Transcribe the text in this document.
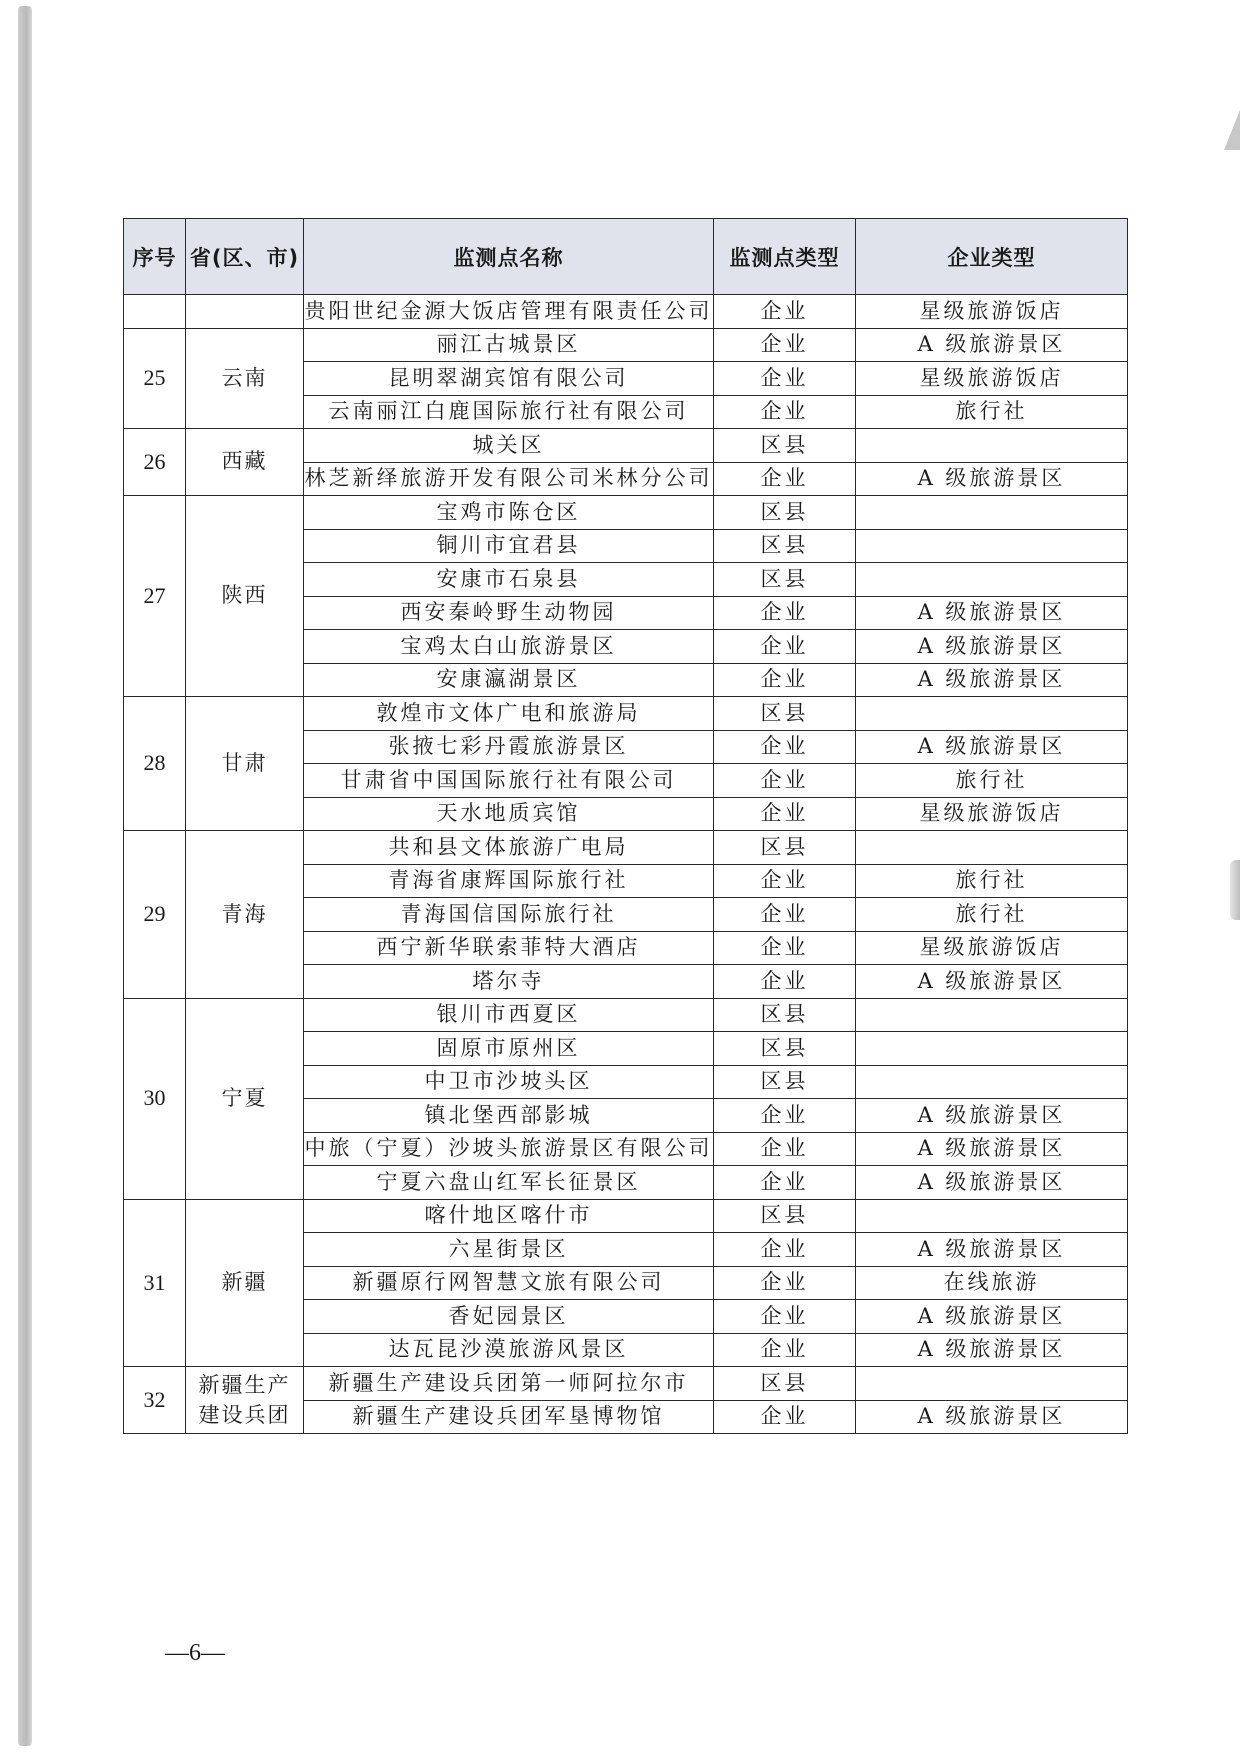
序号	省(区、市)	监测点名称	监测点类型	企业类型
		贵阳世纪金源大饭店管理有限责任公司	企业	星级旅游饭店
25	云南	丽江古城景区	企业	A 级旅游景区
		昆明翠湖宾馆有限公司	企业	星级旅游饭店
		云南丽江白鹿国际旅行社有限公司	企业	旅行社
26	西藏	城关区	区县	
		林芝新绎旅游开发有限公司米林分公司	企业	A 级旅游景区
27	陕西	宝鸡市陈仓区	区县	
		铜川市宜君县	区县	
		安康市石泉县	区县	
		西安秦岭野生动物园	企业	A 级旅游景区
		宝鸡太白山旅游景区	企业	A 级旅游景区
		安康瀛湖景区	企业	A 级旅游景区
28	甘肃	敦煌市文体广电和旅游局	区县	
		张掖七彩丹霞旅游景区	企业	A 级旅游景区
		甘肃省中国国际旅行社有限公司	企业	旅行社
		天水地质宾馆	企业	星级旅游饭店
29	青海	共和县文体旅游广电局	区县	
		青海省康辉国际旅行社	企业	旅行社
		青海国信国际旅行社	企业	旅行社
		西宁新华联索菲特大酒店	企业	星级旅游饭店
		塔尔寺	企业	A 级旅游景区
30	宁夏	银川市西夏区	区县	
		固原市原州区	区县	
		中卫市沙坡头区	区县	
		镇北堡西部影城	企业	A 级旅游景区
		中旅（宁夏）沙坡头旅游景区有限公司	企业	A 级旅游景区
		宁夏六盘山红军长征景区	企业	A 级旅游景区
31	新疆	喀什地区喀什市	区县	
		六星街景区	企业	A 级旅游景区
		新疆原行网智慧文旅有限公司	企业	在线旅游
		香妃园景区	企业	A 级旅游景区
		达瓦昆沙漠旅游风景区	企业	A 级旅游景区
32	新疆生产建设兵团	新疆生产建设兵团第一师阿拉尔市	区县	
		新疆生产建设兵团军垦博物馆	企业	A 级旅游景区
—6—
